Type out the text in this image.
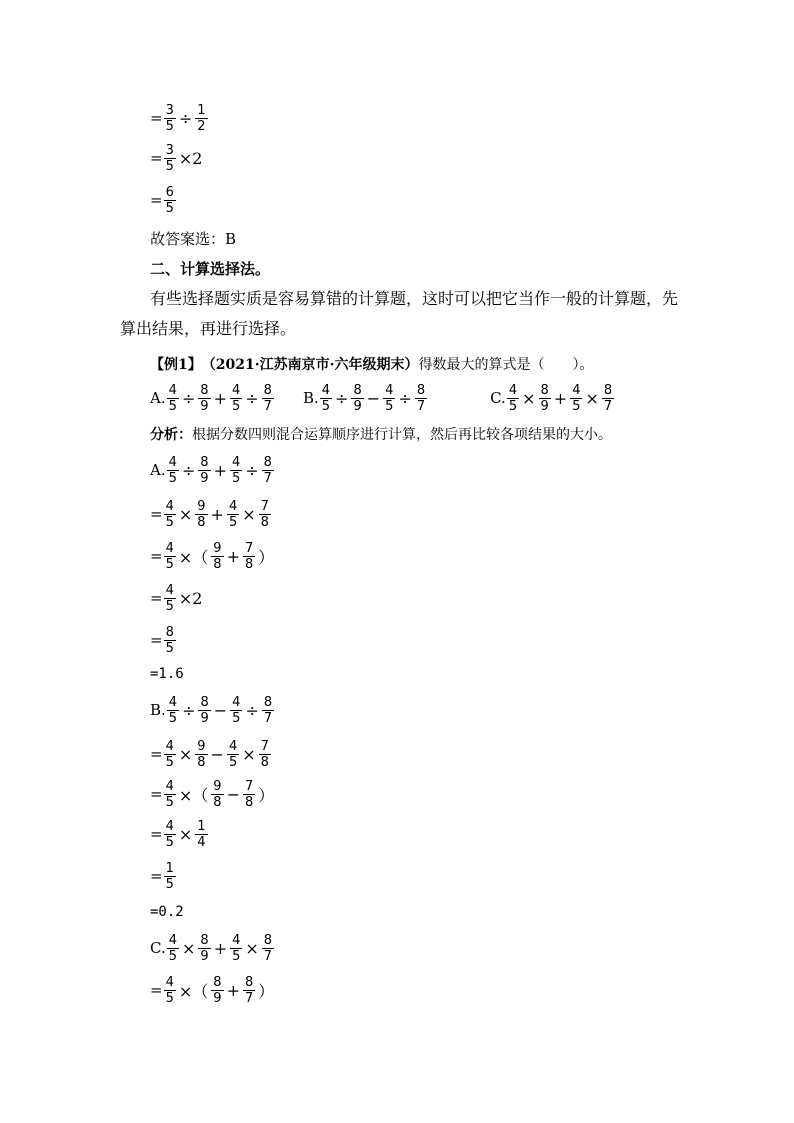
= $\frac{3}{5} \div \frac{1}{2}$
= $\frac{3}{5} \times 2$
= $\frac{6}{5}$
故答案选：B
二、计算选择法。
有些选择题实质是容易算错的计算题，这时可以把它当作一般的计算题，先算出结果，再进行选择。
【例1】 （2021·江苏南京市·六年级期末） 得数最大的算式是（　　）。
A. $\frac{4}{5} \div \frac{8}{9} + \frac{4}{5} \div \frac{8}{7} B$. $\frac{4}{5} \div \frac{8}{9} - \frac{4}{5} \div \frac{8}{7}$	C. $\frac{4}{5} \times \frac{8}{9} + \frac{4}{5} \times \frac{8}{7}$
分析： 根据分数四则混合运算顺序进行计算，然后再比较各项结果的大小。
A. $\frac{4}{5} \div \frac{8}{9} + \frac{4}{5} \div \frac{8}{7}$
= $\frac{4}{5} \times \frac{9}{8} + \frac{4}{5} \times \frac{7}{8}$
= $\frac{4}{5}$ ×（ $\frac{9}{8} + \frac{7}{8}$ ）
= $\frac{4}{5} \times 2$
= $\frac{8}{5}$
=1.6
B. $\frac{4}{5} \div \frac{8}{9} - \frac{4}{5} \div \frac{8}{7}$
= $\frac{4}{5} \times \frac{9}{8} - \frac{4}{5} \times \frac{7}{8}$
= $\frac{4}{5}$ ×（ $\frac{9}{8} - \frac{7}{8}$ ）
= $\frac{4}{5} \times \frac{1}{4}$
= $\frac{1}{5}$
=0.2
C. $\frac{4}{5} \times \frac{8}{9} + \frac{4}{5} \times \frac{8}{7}$
= $\frac{4}{5}$ ×（ $\frac{8}{9} + \frac{8}{7}$ ）
